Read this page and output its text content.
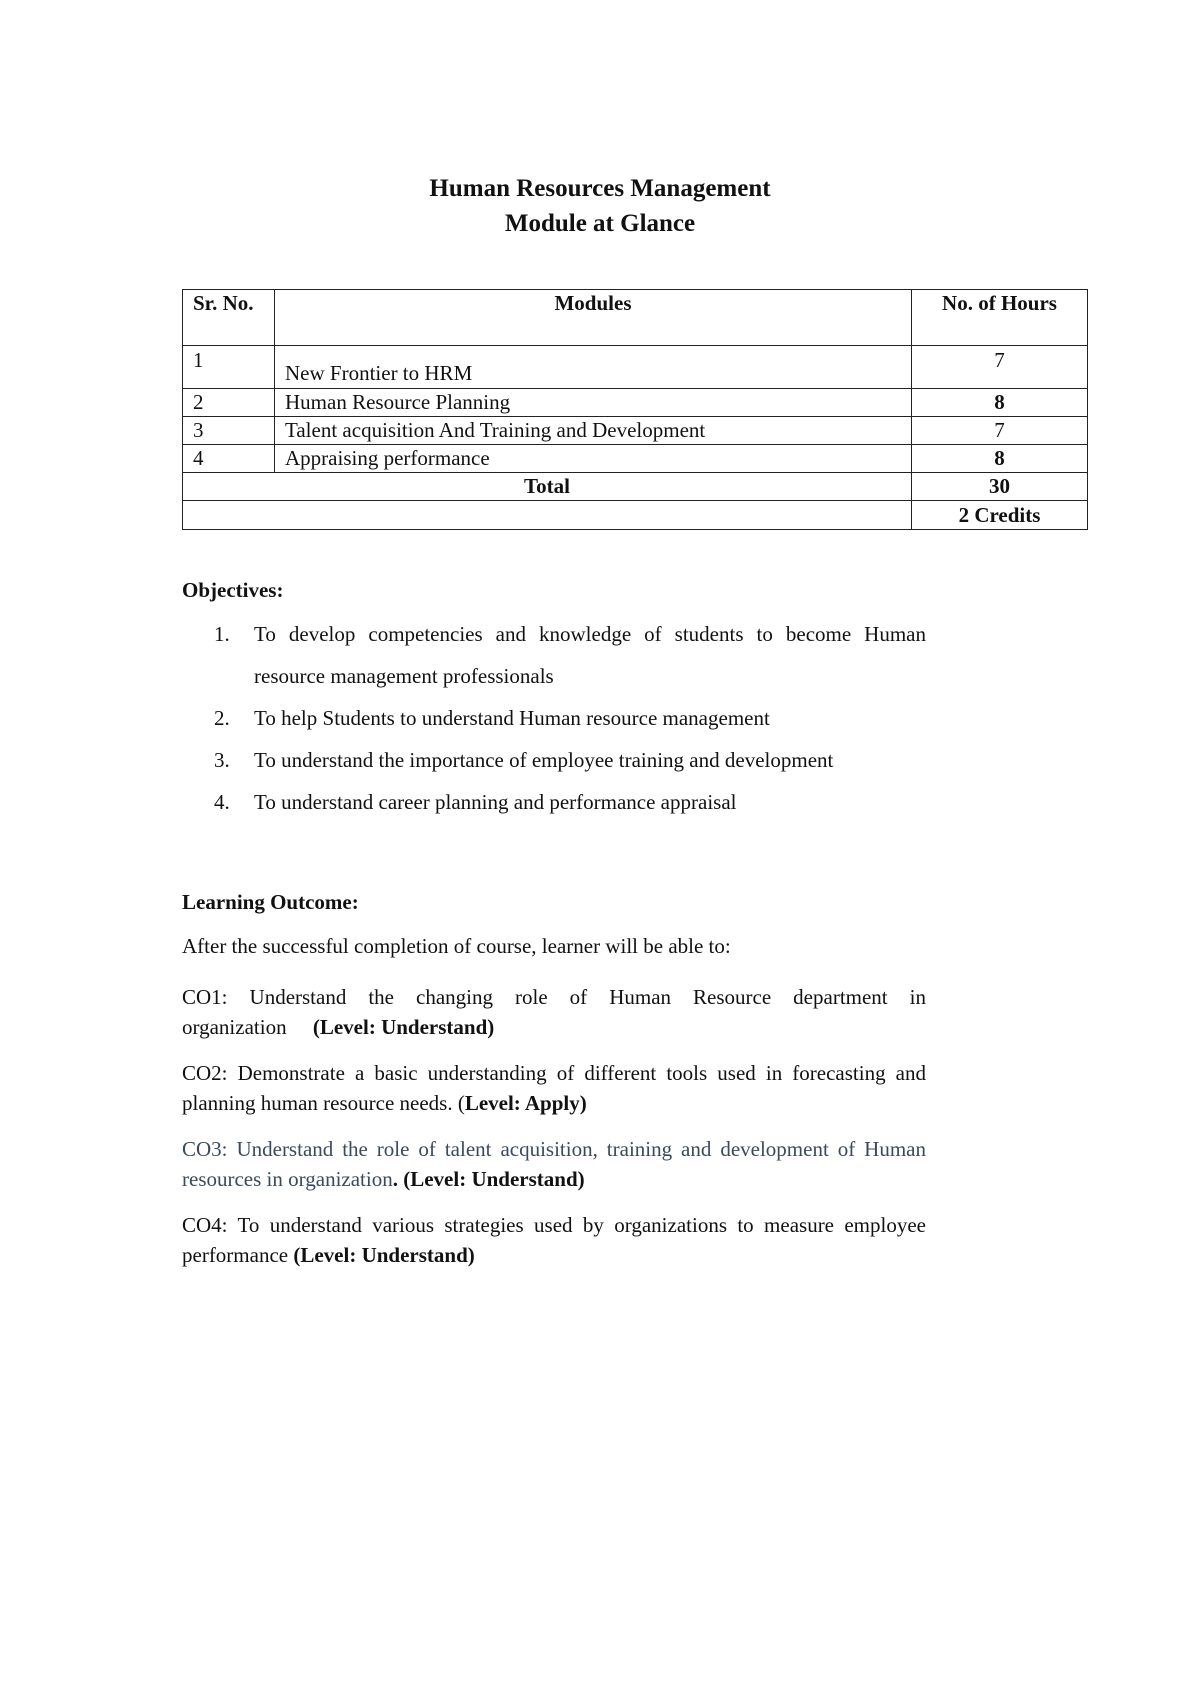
Human Resources Management
Module at Glance
Sr. No.	Modules	No. of Hours
1	New Frontier to HRM	7
2	Human Resource Planning	8
3	Talent acquisition And Training and Development	7
4	Appraising performance	8
Total		30
		2 Credits
Objectives:
1.	To develop competencies and knowledge of students to become Human resource management professionals
2.	To help Students to understand Human resource management
3.	To understand the importance of employee training and development
4.	To understand career planning and performance appraisal
Learning Outcome:
After the successful completion of course, learner will be able to:
CO1: Understand the changing role of Human Resource department in organization (Level: Understand)
CO2: Demonstrate a basic understanding of different tools used in forecasting and planning human resource needs. (Level: Apply)
CO3: Understand the role of talent acquisition, training and development of Human resources in organization. (Level: Understand)
CO4: To understand various strategies used by organizations to measure employee performance (Level: Understand)
